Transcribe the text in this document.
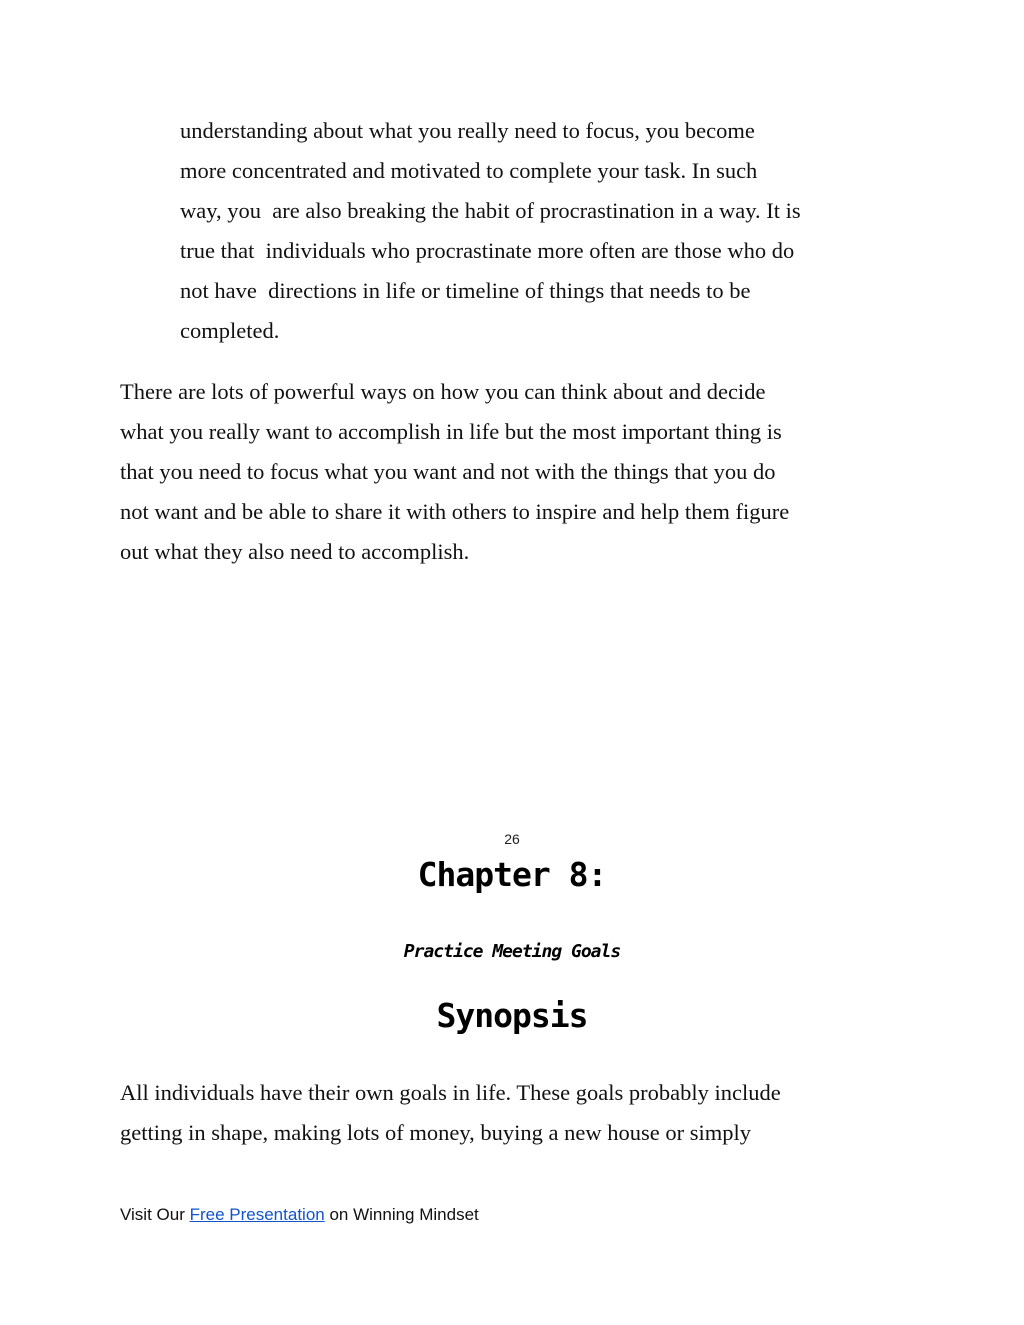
understanding about what you really need to focus, you become
more concentrated and motivated to complete your task. In such
way, you  are also breaking the habit of procrastination in a way. It is
true that  individuals who procrastinate more often are those who do
not have  directions in life or timeline of things that needs to be
completed.
There are lots of powerful ways on how you can think about and decide
what you really want to accomplish in life but the most important thing is
that you need to focus what you want and not with the things that you do
not want and be able to share it with others to inspire and help them figure
out what they also need to accomplish.
26
Chapter 8:
Practice Meeting Goals
Synopsis
All individuals have their own goals in life. These goals probably include
getting in shape, making lots of money, buying a new house or simply
Visit Our Free Presentation on Winning Mindset
